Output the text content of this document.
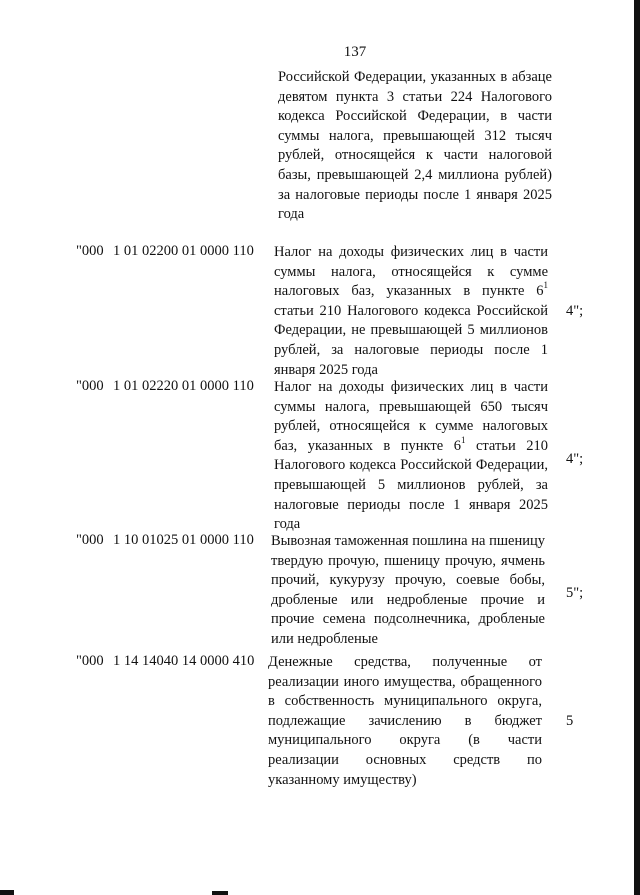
137
Российской Федерации, указанных в абзаце девятом пункта 3 статьи 224 Налогового кодекса Российской Федерации, в части суммы налога, превышающей 312 тысяч рублей, относящейся к части налоговой базы, превышающей 2,4 миллиона рублей) за налоговые периоды после 1 января 2025 года
"000 1 01 02200 01 0000 110 Налог на доходы физических лиц в части суммы налога, относящейся к сумме налоговых баз, указанных в пункте $6^1$ статьи 210 Налогового кодекса Российской Федерации, не превышающей 5 миллионов рублей, за налоговые периоды после 1 января 2025 года
4";
"000 1 01 02220 01 0000 110 Налог на доходы физических лиц в части суммы налога, превышающей 650 тысяч рублей, относящейся к сумме налоговых баз, указанных в пункте $6^1$ статьи 210 Налогового кодекса Российской Федерации, превышающей 5 миллионов рублей, за налоговые периоды после 1 января 2025 года
4";
"000 1 10 01025 01 0000 110 Вывозная таможенная пошлина на пшеницу твердую прочую, пшеницу прочую, ячмень прочий, кукурузу прочую, соевые бобы, дробленые или недробленые прочие и прочие семена подсолнечника, дробленые или недробленые
5";
"000 1 14 14040 14 0000 410 Денежные средства, полученные от реализации иного имущества, обращенного в собственность муниципального округа, подлежащие зачислению в бюджет муниципального округа (в части реализации основных средств по указанному имуществу)
5
